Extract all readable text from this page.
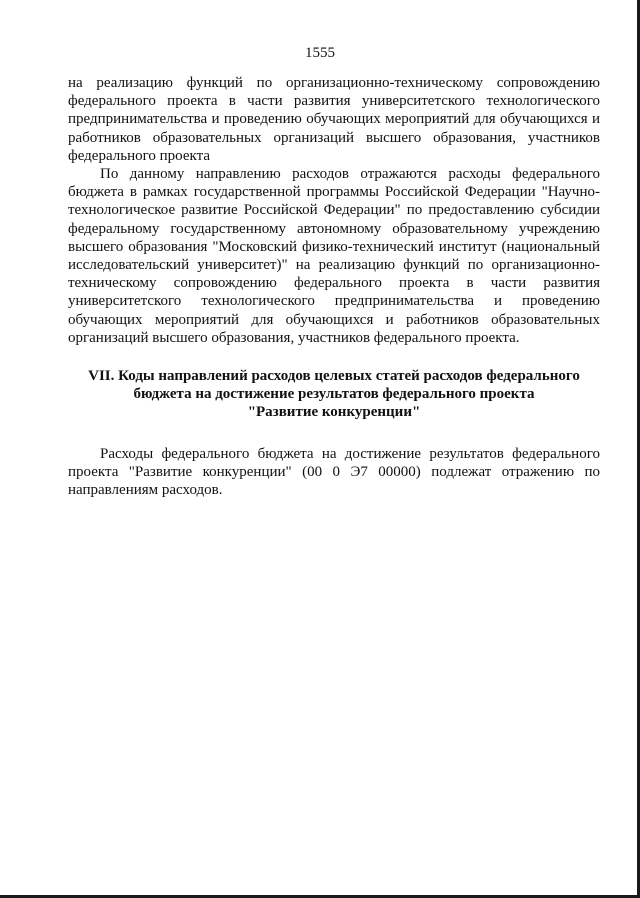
1555

на реализацию функций по организационно-техническому сопровождению федерального проекта в части развития университетского технологического предпринимательства и проведению обучающих мероприятий для обучающихся и работников образовательных организаций высшего образования, участников федерального проекта

По данному направлению расходов отражаются расходы федерального бюджета в рамках государственной программы Российской Федерации "Научно-технологическое развитие Российской Федерации" по предоставлению субсидии федеральному государственному автономному образовательному учреждению высшего образования "Московский физико-технический институт (национальный исследовательский университет)" на реализацию функций по организационно-техническому сопровождению федерального проекта в части развития университетского технологического предпринимательства и проведению обучающих мероприятий для обучающихся и работников образовательных организаций высшего образования, участников федерального проекта.

VII. Коды направлений расходов целевых статей расходов федерального
бюджета на достижение результатов федерального проекта
"Развитие конкуренции"

Расходы федерального бюджета на достижение результатов федерального проекта "Развитие конкуренции" (00 0 Э7 00000) подлежат отражению по направлениям расходов.
